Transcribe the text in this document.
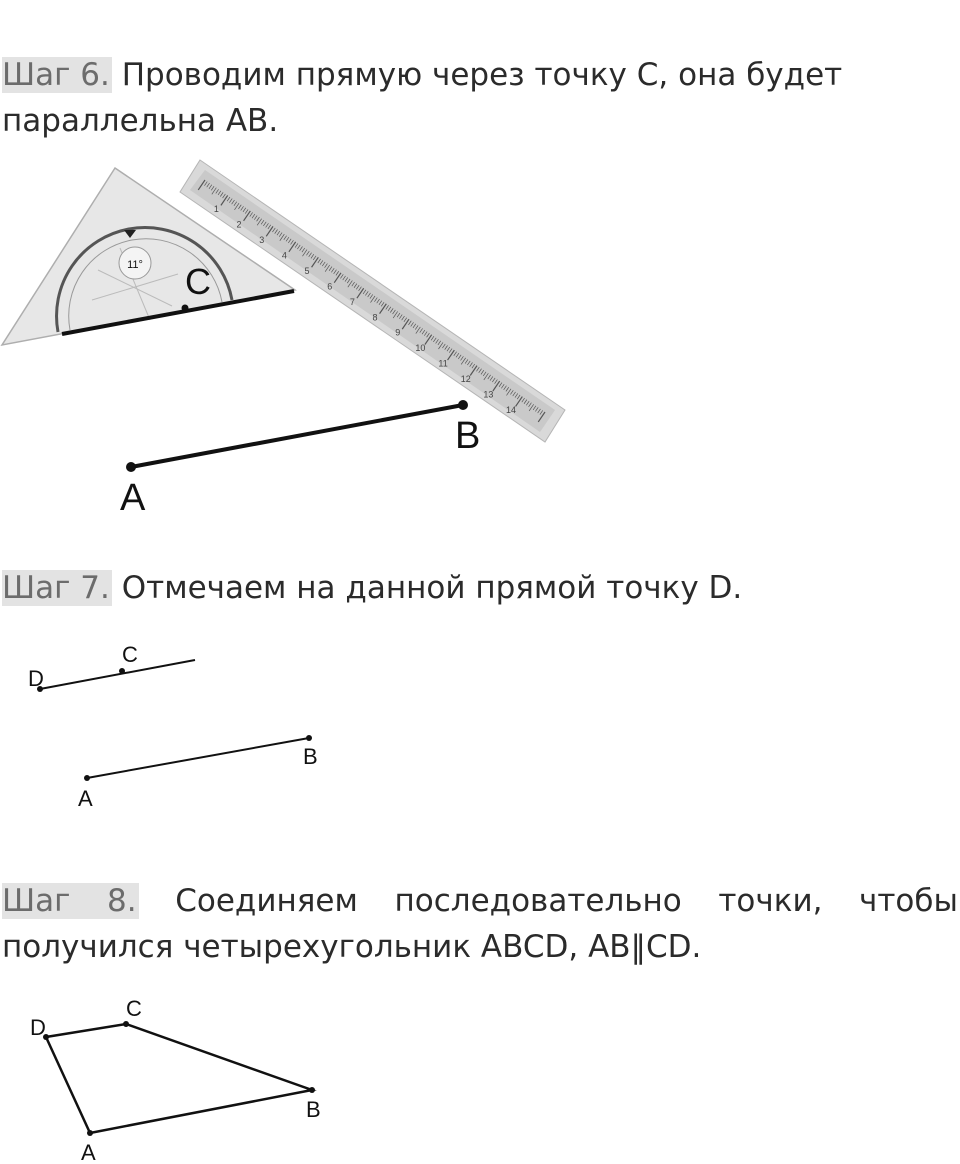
Шаг 6. Проводим прямую через точку C, она будет параллельна AB.
1
2
3
4
5
6
7
8
9
10
11
12
13
14
11° C
A
B
Шаг 7. Отмечаем на данной прямой точку D.
D
C
A
B
Шаг 8. Соединяем последовательно точки, чтобы получился четырехугольник ABCD, AB‖CD.
A
B
C
D
